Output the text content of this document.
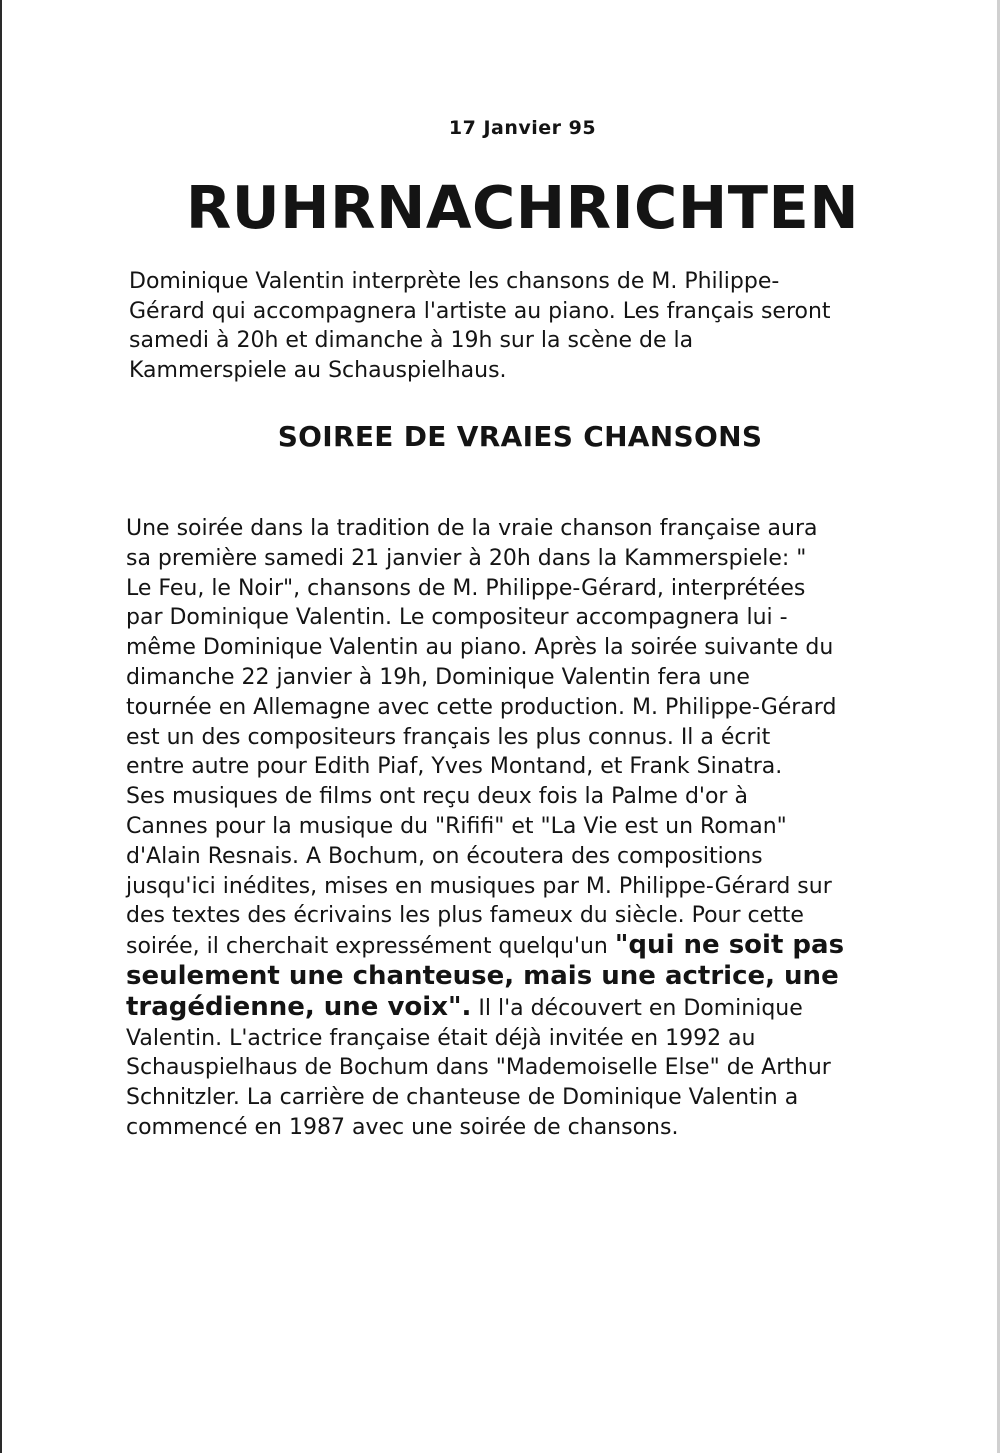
17 Janvier 95
RUHRNACHRICHTEN

Dominique Valentin interprète les chansons de M. Philippe-
Gérard qui accompagnera l'artiste au piano. Les français seront
samedi à 20h et dimanche à 19h sur la scène de la
Kammerspiele au Schauspielhaus.

SOIREE DE VRAIES CHANSONS

Une soirée dans la tradition de la vraie chanson française aura
sa première samedi 21 janvier à 20h dans la Kammerspiele: "
Le Feu, le Noir", chansons de M. Philippe-Gérard, interprétées
par Dominique Valentin. Le compositeur accompagnera lui -
même Dominique Valentin au piano. Après la soirée suivante du
dimanche 22 janvier à 19h, Dominique Valentin fera une
tournée en Allemagne avec cette production. M. Philippe-Gérard
est un des compositeurs français les plus connus. Il a écrit
entre autre pour Edith Piaf, Yves Montand, et Frank Sinatra.
Ses musiques de films ont reçu deux fois la Palme d'or à
Cannes pour la musique du "Rififi" et "La Vie est un Roman"
d'Alain Resnais. A Bochum, on écoutera des compositions
jusqu'ici inédites, mises en musiques par M. Philippe-Gérard sur
des textes des écrivains les plus fameux du siècle. Pour cette
soirée, il cherchait expressément quelqu'un "qui ne soit pas
seulement une chanteuse, mais une actrice, une
tragédienne, une voix". Il l'a découvert en Dominique
Valentin. L'actrice française était déjà invitée en 1992 au
Schauspielhaus de Bochum dans "Mademoiselle Else" de Arthur
Schnitzler. La carrière de chanteuse de Dominique Valentin a
commencé en 1987 avec une soirée de chansons.
